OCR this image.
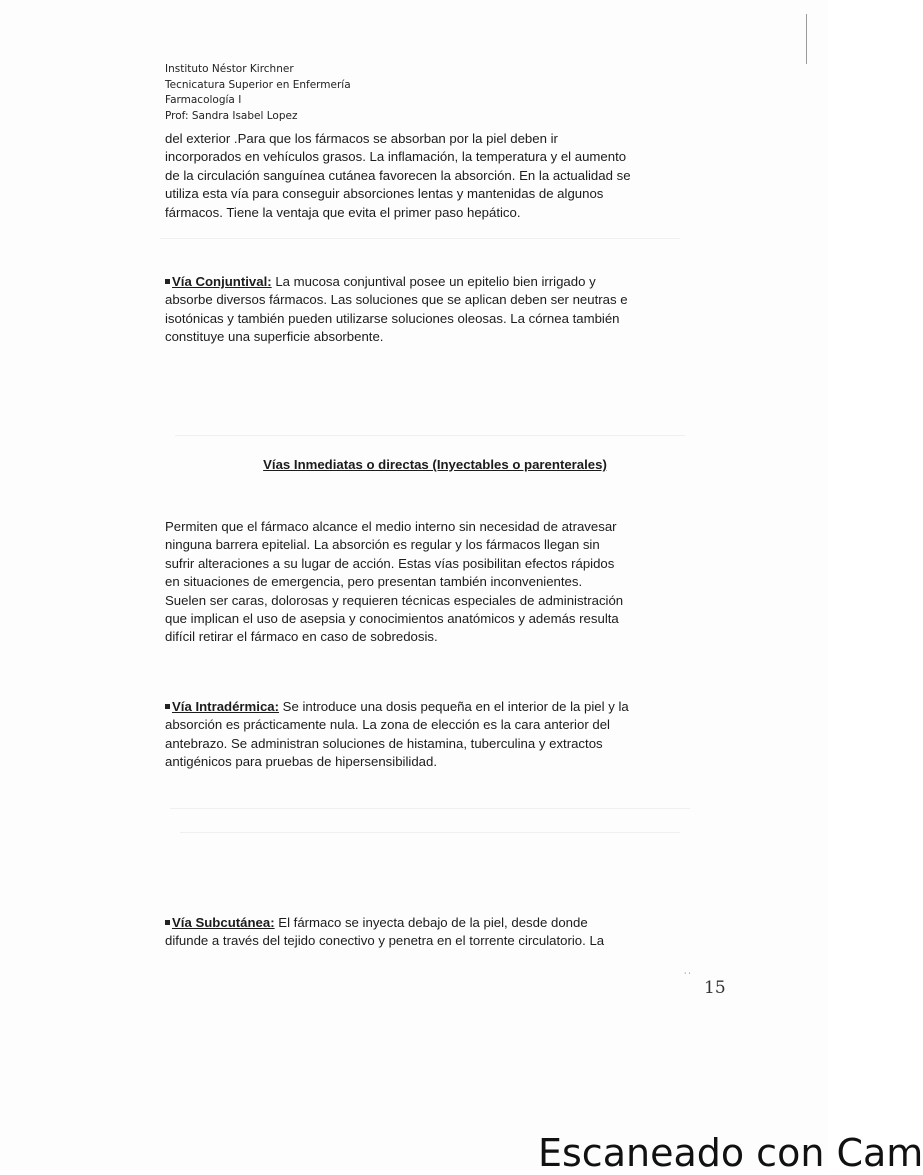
Instituto Néstor Kirchner
Tecnicatura Superior en Enfermería
Farmacología I
Prof: Sandra Isabel Lopez

del exterior .Para que los fármacos se absorban por la piel deben ir

incorporados en vehículos grasos. La inflamación, la temperatura y el aumento

de la circulación sanguínea cutánea favorecen la absorción. En la actualidad se

utiliza esta vía para conseguir absorciones lentas y mantenidas de algunos

fármacos. Tiene la ventaja que evita el primer paso hepático.

Vía Conjuntival: La mucosa conjuntival posee un epitelio bien irrigado y

absorbe diversos fármacos. Las soluciones que se aplican deben ser neutras e

isotónicas y también pueden utilizarse soluciones oleosas. La córnea también

constituye una superficie absorbente.

Vías Inmediatas o directas (Inyectables o parenterales)

Permiten que el fármaco alcance el medio interno sin necesidad de atravesar

ninguna barrera epitelial. La absorción es regular y los fármacos llegan sin

sufrir alteraciones a su lugar de acción. Estas vías posibilitan efectos rápidos

en situaciones de emergencia, pero presentan también inconvenientes.

Suelen ser caras, dolorosas y requieren técnicas especiales de administración

que implican el uso de asepsia y conocimientos anatómicos y además resulta

difícil retirar el fármaco en caso de sobredosis.

Vía Intradérmica: Se introduce una dosis pequeña en el interior de la piel y la

absorción es prácticamente nula. La zona de elección es la cara anterior del

antebrazo. Se administran soluciones de histamina, tuberculina y extractos

antigénicos para pruebas de hipersensibilidad.

Vía Subcutánea: El fármaco se inyecta debajo de la piel, desde donde

difunde a través del tejido conectivo y penetra en el torrente circulatorio. La

˙˙
15
Escaneado con Cam
